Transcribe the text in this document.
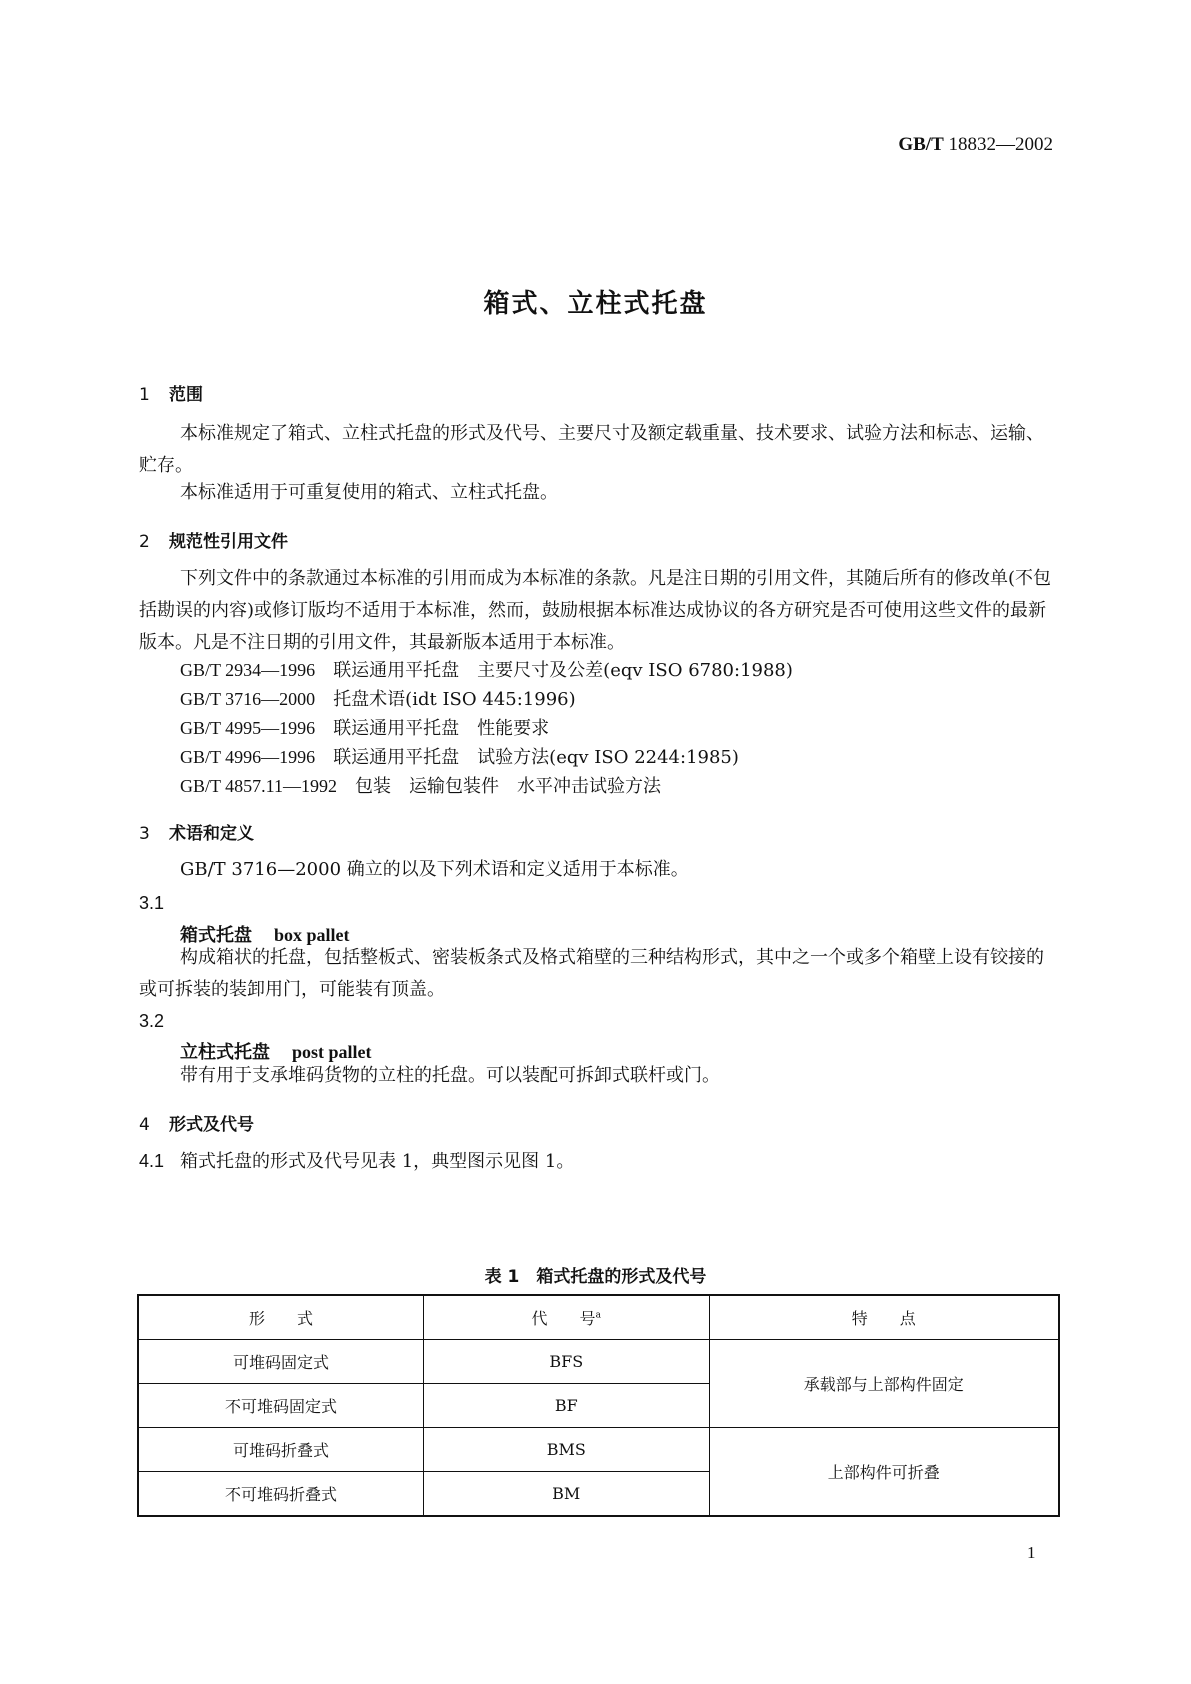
GB/T 18832—2002
箱式、立柱式托盘
1 范围
本标准规定了箱式、立柱式托盘的形式及代号、主要尺寸及额定载重量、技术要求、试验方法和标志、运输、贮存。
本标准适用于可重复使用的箱式、立柱式托盘。
2 规范性引用文件
下列文件中的条款通过本标准的引用而成为本标准的条款。凡是注日期的引用文件，其随后所有的修改单(不包括勘误的内容)或修订版均不适用于本标准，然而，鼓励根据本标准达成协议的各方研究是否可使用这些文件的最新版本。凡是不注日期的引用文件，其最新版本适用于本标准。
GB/T 2934—1996 联运通用平托盘　主要尺寸及公差(eqv ISO 6780:1988)
GB/T 3716—2000 托盘术语(idt ISO 445:1996)
GB/T 4995—1996 联运通用平托盘　性能要求
GB/T 4996—1996 联运通用平托盘　试验方法(eqv ISO 2244:1985)
GB/T 4857.11—1992 包装　运输包装件　水平冲击试验方法
3 术语和定义
GB/T 3716—2000 确立的以及下列术语和定义适用于本标准。
3.1
箱式托盘 box pallet
构成箱状的托盘，包括整板式、密装板条式及格式箱壁的三种结构形式，其中之一个或多个箱壁上设有铰接的或可拆装的装卸用门，可能装有顶盖。
3.2
立柱式托盘 post pallet
带有用于支承堆码货物的立柱的托盘。可以装配可拆卸式联杆或门。
4 形式及代号
4.1 箱式托盘的形式及代号见表 1，典型图示见图 1。
表 1　箱式托盘的形式及代号
形　　式	代　　号$^a$	特　　点
可堆码固定式	BFS	承载部与上部构件固定
不可堆码固定式	BF	
可堆码折叠式	BMS	上部构件可折叠
不可堆码折叠式	BM	
1
